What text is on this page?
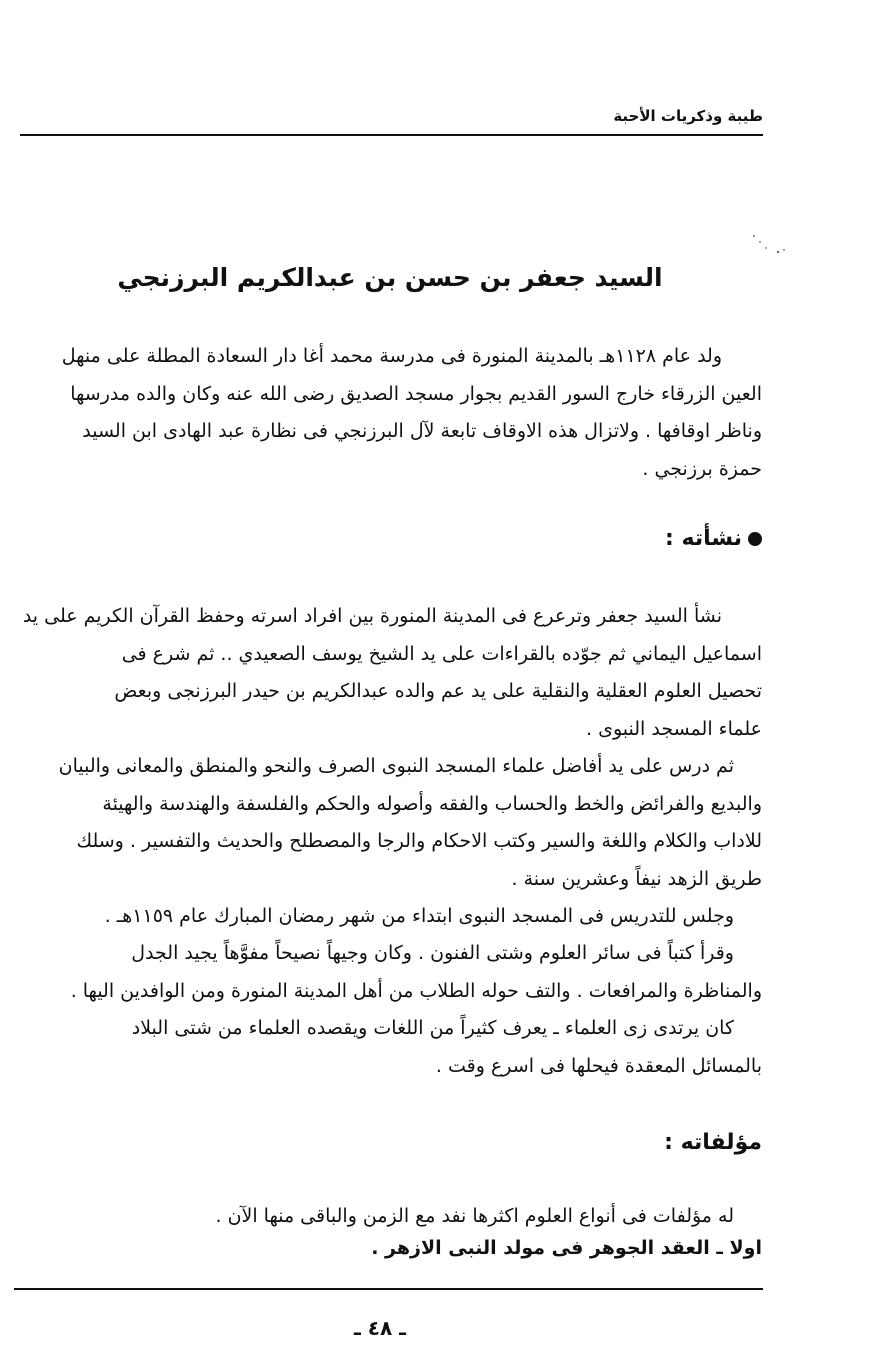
طيبة وذكريات الأحبة
السيد جعفر بن حسن بن عبدالكريم البرزنجي

ولد عام ١١٢٨هـ بالمدينة المنورة فى مدرسة محمد أغا دار السعادة المطلة على منهل
العين الزرقاء خارج السور القديم بجوار مسجد الصديق رضى الله عنه وكان والده مدرسها
وناظر اوقافها . ولاتزال هذه الاوقاف تابعة لآل البرزنجي فى نظارة عبد الهادى ابن السيد
حمزة برزنجي .

نشأته :

نشأ السيد جعفر وترعرع فى المدينة المنورة بين افراد اسرته وحفظ القرآن الكريم على يد
اسماعيل اليماني ثم جوّده بالقراءات على يد الشيخ يوسف الصعيدي .. ثم شرع فى
تحصيل العلوم العقلية والنقلية على يد عم والده عبدالكريم بن حيدر البرزنجى وبعض
علماء المسجد النبوى .

ثم درس على يد أفاضل علماء المسجد النبوى الصرف والنحو والمنطق والمعانى والبيان
والبديع والفرائض والخط والحساب والفقه وأصوله والحكم والفلسفة والهندسة والهيئة
للاداب والكلام واللغة والسير وكتب الاحكام والرجا والمصطلح والحديث والتفسير . وسلك
طريق الزهد نيفاً وعشرين سنة .

وجلس للتدريس فى المسجد النبوى ابتداء من شهر رمضان المبارك عام ١١٥٩هـ .

وقرأ كتباً فى سائر العلوم وشتى الفنون . وكان وجيهاً نصيحاً مفوَّهاً يجيد الجدل
والمناظرة والمرافعات . والتف حوله الطلاب من أهل المدينة المنورة ومن الوافدين اليها .

كان يرتدى زى العلماء ـ يعرف كثيراً من اللغات ويقصده العلماء من شتى البلاد
بالمسائل المعقدة فيحلها فى اسرع وقت .

مؤلفاته :

له مؤلفات فى أنواع العلوم اكثرها نفد مع الزمن والباقى منها الآن .
اولا ـ العقد الجوهر فى مولد النبى الازهر .

ـ ٤٨ ـ
